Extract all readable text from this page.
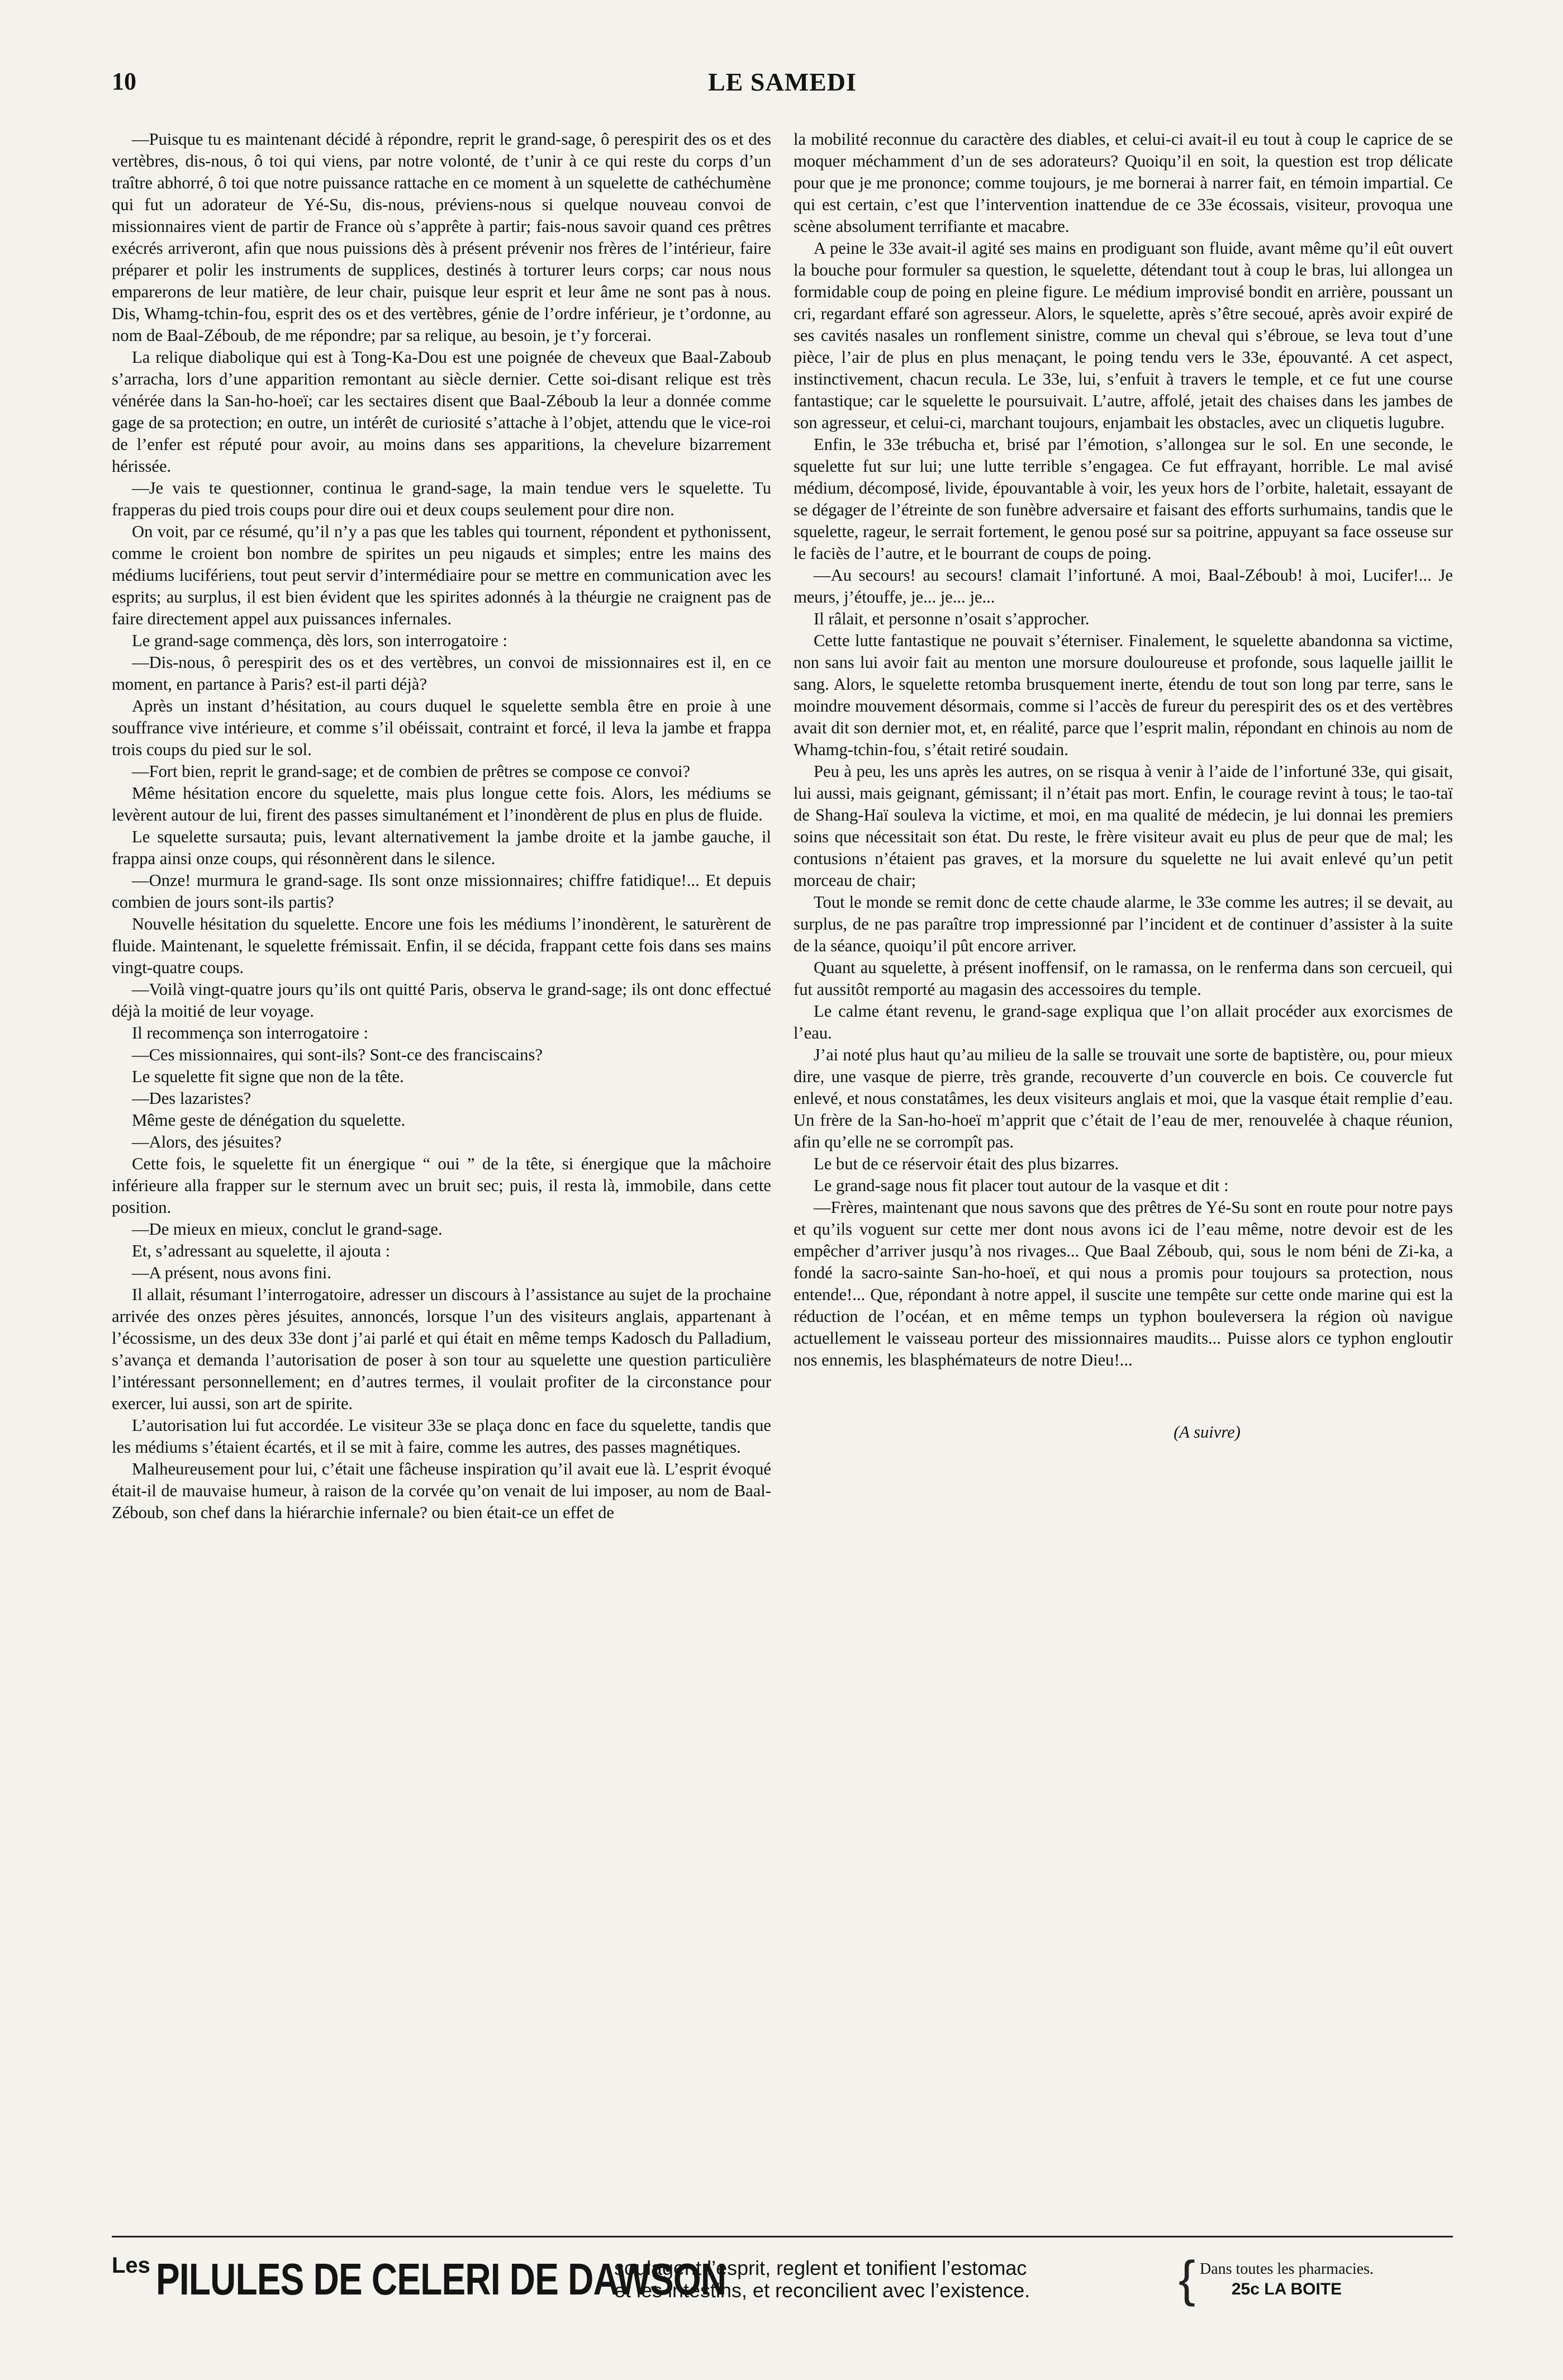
10	LE SAMEDI

—Puisque tu es maintenant décidé à répondre, reprit le grand-sage, ô perespirit des os et des vertèbres, dis-nous, ô toi qui viens, par notre volonté, de t’unir à ce qui reste du corps d’un traître abhorré, ô toi que notre puissance rattache en ce moment à un squelette de cathéchumène qui fut un adorateur de Yé-Su, dis-nous, préviens-nous si quelque nouveau convoi de missionnaires vient de partir de France où s’apprête à partir; fais-nous savoir quand ces prêtres exécrés arriveront, afin que nous puissions dès à présent prévenir nos frères de l’intérieur, faire préparer et polir les instruments de supplices, destinés à torturer leurs corps; car nous nous emparerons de leur matière, de leur chair, puisque leur esprit et leur âme ne sont pas à nous. Dis, Whamg-tchin-fou, esprit des os et des vertèbres, génie de l’ordre inférieur, je t’ordonne, au nom de Baal-Zéboub, de me répondre; par sa relique, au besoin, je t’y forcerai.

La relique diabolique qui est à Tong-Ka-Dou est une poignée de cheveux que Baal-Zaboub s’arracha, lors d’une apparition remontant au siècle dernier. Cette soi-disant relique est très vénérée dans la San-ho-hoeï; car les sectaires disent que Baal-Zéboub la leur a donnée comme gage de sa protection; en outre, un intérêt de curiosité s’attache à l’objet, attendu que le vice-roi de l’enfer est réputé pour avoir, au moins dans ses apparitions, la chevelure bizarrement hérissée.

—Je vais te questionner, continua le grand-sage, la main tendue vers le squelette. Tu frapperas du pied trois coups pour dire oui et deux coups seulement pour dire non.

On voit, par ce résumé, qu’il n’y a pas que les tables qui tournent, répondent et pythonissent, comme le croient bon nombre de spirites un peu nigauds et simples; entre les mains des médiums lucifériens, tout peut servir d’intermédiaire pour se mettre en communication avec les esprits; au surplus, il est bien évident que les spirites adonnés à la théurgie ne craignent pas de faire directement appel aux puissances infernales.

Le grand-sage commença, dès lors, son interrogatoire :

—Dis-nous, ô perespirit des os et des vertèbres, un convoi de missionnaires est il, en ce moment, en partance à Paris? est-il parti déjà?

Après un instant d’hésitation, au cours duquel le squelette sembla être en proie à une souffrance vive intérieure, et comme s’il obéissait, contraint et forcé, il leva la jambe et frappa trois coups du pied sur le sol.

—Fort bien, reprit le grand-sage; et de combien de prêtres se compose ce convoi?

Même hésitation encore du squelette, mais plus longue cette fois. Alors, les médiums se levèrent autour de lui, firent des passes simultanément et l’inondèrent de plus en plus de fluide.

Le squelette sursauta; puis, levant alternativement la jambe droite et la jambe gauche, il frappa ainsi onze coups, qui résonnèrent dans le silence.

—Onze! murmura le grand-sage. Ils sont onze missionnaires; chiffre fatidique!... Et depuis combien de jours sont-ils partis?

Nouvelle hésitation du squelette. Encore une fois les médiums l’inondèrent, le saturèrent de fluide. Maintenant, le squelette frémissait. Enfin, il se décida, frappant cette fois dans ses mains vingt-quatre coups.

—Voilà vingt-quatre jours qu’ils ont quitté Paris, observa le grand-sage; ils ont donc effectué déjà la moitié de leur voyage.

Il recommença son interrogatoire :

—Ces missionnaires, qui sont-ils? Sont-ce des franciscains?

Le squelette fit signe que non de la tête.

—Des lazaristes?

Même geste de dénégation du squelette.

—Alors, des jésuites?

Cette fois, le squelette fit un énergique “ oui ” de la tête, si énergique que la mâchoire inférieure alla frapper sur le sternum avec un bruit sec; puis, il resta là, immobile, dans cette position.

—De mieux en mieux, conclut le grand-sage.

Et, s’adressant au squelette, il ajouta :

—A présent, nous avons fini.

Il allait, résumant l’interrogatoire, adresser un discours à l’assistance au sujet de la prochaine arrivée des onzes pères jésuites, annoncés, lorsque l’un des visiteurs anglais, appartenant à l’écossisme, un des deux 33e dont j’ai parlé et qui était en même temps Kadosch du Palladium, s’avança et demanda l’autorisation de poser à son tour au squelette une question particulière l’intéressant personnellement; en d’autres termes, il voulait profiter de la circonstance pour exercer, lui aussi, son art de spirite.

L’autorisation lui fut accordée. Le visiteur 33e se plaça donc en face du squelette, tandis que les médiums s’étaient écartés, et il se mit à faire, comme les autres, des passes magnétiques.

Malheureusement pour lui, c’était une fâcheuse inspiration qu’il avait eue là. L’esprit évoqué était-il de mauvaise humeur, à raison de la corvée qu’on venait de lui imposer, au nom de Baal-Zéboub, son chef dans la hiérarchie infernale? ou bien était-ce un effet de

la mobilité reconnue du caractère des diables, et celui-ci avait-il eu tout à coup le caprice de se moquer méchamment d’un de ses adorateurs? Quoiqu’il en soit, la question est trop délicate pour que je me prononce; comme toujours, je me bornerai à narrer fait, en témoin impartial. Ce qui est certain, c’est que l’intervention inattendue de ce 33e écossais, visiteur, provoqua une scène absolument terrifiante et macabre.

A peine le 33e avait-il agité ses mains en prodiguant son fluide, avant même qu’il eût ouvert la bouche pour formuler sa question, le squelette, détendant tout à coup le bras, lui allongea un formidable coup de poing en pleine figure. Le médium improvisé bondit en arrière, poussant un cri, regardant effaré son agresseur. Alors, le squelette, après s’être secoué, après avoir expiré de ses cavités nasales un ronflement sinistre, comme un cheval qui s’ébroue, se leva tout d’une pièce, l’air de plus en plus menaçant, le poing tendu vers le 33e, épouvanté. A cet aspect, instinctivement, chacun recula. Le 33e, lui, s’enfuit à travers le temple, et ce fut une course fantastique; car le squelette le poursuivait. L’autre, affolé, jetait des chaises dans les jambes de son agresseur, et celui-ci, marchant toujours, enjambait les obstacles, avec un cliquetis lugubre.

Enfin, le 33e trébucha et, brisé par l’émotion, s’allongea sur le sol. En une seconde, le squelette fut sur lui; une lutte terrible s’engagea. Ce fut effrayant, horrible. Le mal avisé médium, décomposé, livide, épouvantable à voir, les yeux hors de l’orbite, haletait, essayant de se dégager de l’étreinte de son funèbre adversaire et faisant des efforts surhumains, tandis que le squelette, rageur, le serrait fortement, le genou posé sur sa poitrine, appuyant sa face osseuse sur le faciès de l’autre, et le bourrant de coups de poing.

—Au secours! au secours! clamait l’infortuné. A moi, Baal-Zéboub! à moi, Lucifer!... Je meurs, j’étouffe, je... je... je...

Il râlait, et personne n’osait s’approcher.

Cette lutte fantastique ne pouvait s’éterniser. Finalement, le squelette abandonna sa victime, non sans lui avoir fait au menton une morsure douloureuse et profonde, sous laquelle jaillit le sang. Alors, le squelette retomba brusquement inerte, étendu de tout son long par terre, sans le moindre mouvement désormais, comme si l’accès de fureur du perespirit des os et des vertèbres avait dit son dernier mot, et, en réalité, parce que l’esprit malin, répondant en chinois au nom de Whamg-tchin-fou, s’était retiré soudain.

Peu à peu, les uns après les autres, on se risqua à venir à l’aide de l’infortuné 33e, qui gisait, lui aussi, mais geignant, gémissant; il n’était pas mort. Enfin, le courage revint à tous; le tao-taï de Shang-Haï souleva la victime, et moi, en ma qualité de médecin, je lui donnai les premiers soins que nécessitait son état. Du reste, le frère visiteur avait eu plus de peur que de mal; les contusions n’étaient pas graves, et la morsure du squelette ne lui avait enlevé qu’un petit morceau de chair;

Tout le monde se remit donc de cette chaude alarme, le 33e comme les autres; il se devait, au surplus, de ne pas paraître trop impressionné par l’incident et de continuer d’assister à la suite de la séance, quoiqu’il pût encore arriver.

Quant au squelette, à présent inoffensif, on le ramassa, on le renferma dans son cercueil, qui fut aussitôt remporté au magasin des accessoires du temple.

Le calme étant revenu, le grand-sage expliqua que l’on allait procéder aux exorcismes de l’eau.

J’ai noté plus haut qu’au milieu de la salle se trouvait une sorte de baptistère, ou, pour mieux dire, une vasque de pierre, très grande, recouverte d’un couvercle en bois. Ce couvercle fut enlevé, et nous constatâmes, les deux visiteurs anglais et moi, que la vasque était remplie d’eau. Un frère de la San-ho-hoeï m’apprit que c’était de l’eau de mer, renouvelée à chaque réunion, afin qu’elle ne se corrompît pas.

Le but de ce réservoir était des plus bizarres.

Le grand-sage nous fit placer tout autour de la vasque et dit :

—Frères, maintenant que nous savons que des prêtres de Yé-Su sont en route pour notre pays et qu’ils voguent sur cette mer dont nous avons ici de l’eau même, notre devoir est de les empêcher d’arriver jusqu’à nos rivages... Que Baal Zéboub, qui, sous le nom béni de Zi-ka, a fondé la sacro-sainte San-ho-hoeï, et qui nous a promis pour toujours sa protection, nous entende!... Que, répondant à notre appel, il suscite une tempête sur cette onde marine qui est la réduction de l’océan, et en même temps un typhon bouleversera la région où navigue actuellement le vaisseau porteur des missionnaires maudits... Puisse alors ce typhon engloutir nos ennemis, les blasphémateurs de notre Dieu!...

(A suivre)

Les PILULES DE CELERI DE DAWSON
soulagent l’esprit, reglent et tonifient l’estomac
et les intestins, et reconcilient avec l’existence.	{ Dans toutes les pharmacies.
25c LA BOITE
